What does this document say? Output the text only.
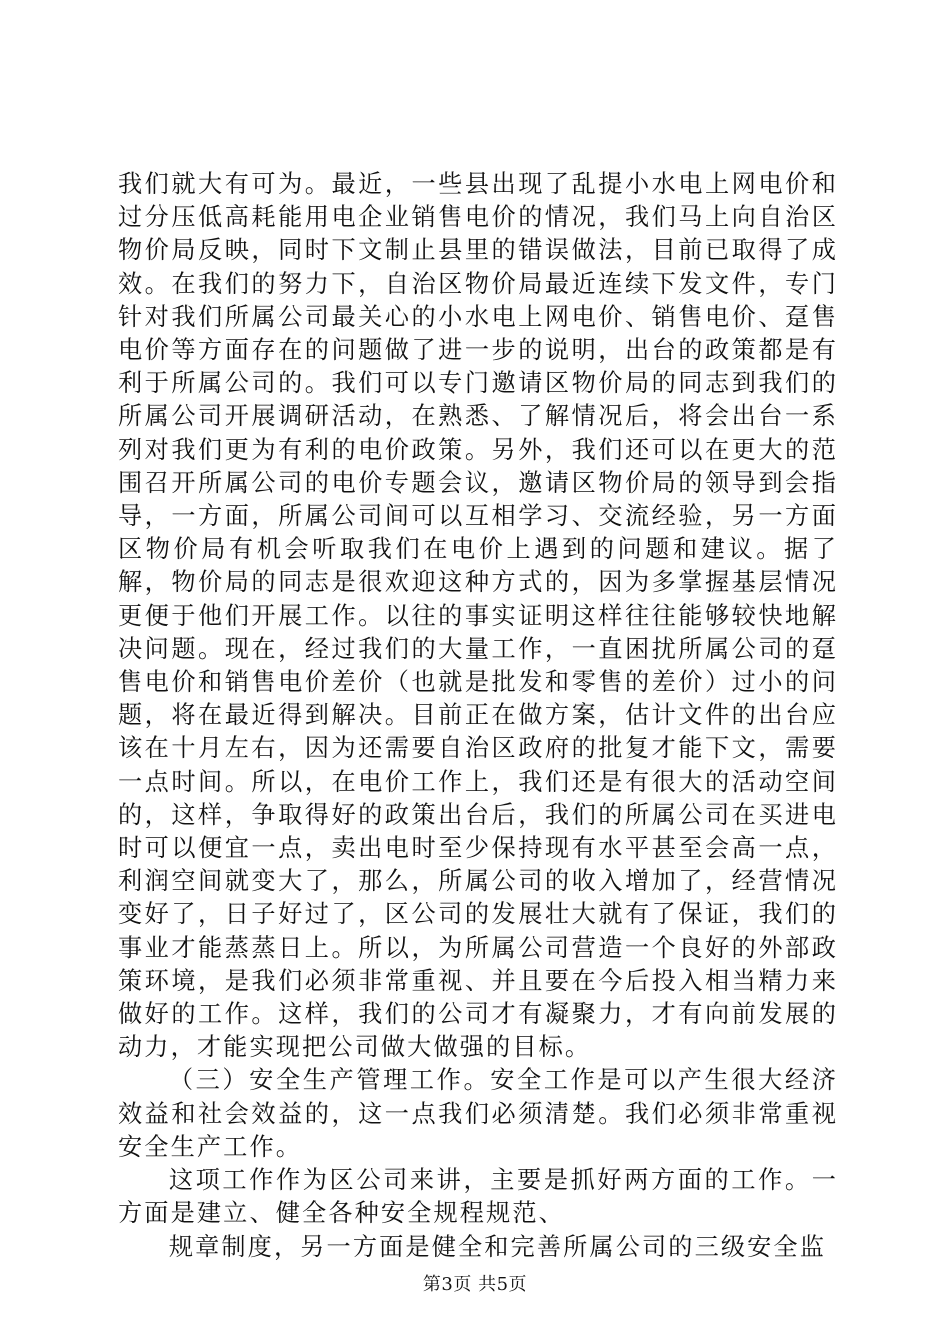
我们就大有可为。最近，一些县出现了乱提小水电上网电价和过分压低高耗能用电企业销售电价的情况，我们马上向自治区物价局反映，同时下文制止县里的错误做法，目前已取得了成效。在我们的努力下，自治区物价局最近连续下发文件，专门针对我们所属公司最关心的小水电上网电价、销售电价、趸售电价等方面存在的问题做了进一步的说明，出台的政策都是有利于所属公司的。我们可以专门邀请区物价局的同志到我们的所属公司开展调研活动，在熟悉、了解情况后，将会出台一系列对我们更为有利的电价政策。另外，我们还可以在更大的范围召开所属公司的电价专题会议，邀请区物价局的领导到会指导，一方面，所属公司间可以互相学习、交流经验，另一方面区物价局有机会听取我们在电价上遇到的问题和建议。据了解，物价局的同志是很欢迎这种方式的，因为多掌握基层情况更便于他们开展工作。以往的事实证明这样往往能够较快地解决问题。现在，经过我们的大量工作，一直困扰所属公司的趸售电价和销售电价差价（也就是批发和零售的差价）过小的问题，将在最近得到解决。目前正在做方案，估计文件的出台应该在十月左右，因为还需要自治区政府的批复才能下文，需要一点时间。所以，在电价工作上，我们还是有很大的活动空间的，这样，争取得好的政策出台后，我们的所属公司在买进电时可以便宜一点，卖出电时至少保持现有水平甚至会高一点，利润空间就变大了，那么，所属公司的收入增加了，经营情况变好了，日子好过了，区公司的发展壮大就有了保证，我们的事业才能蒸蒸日上。所以，为所属公司营造一个良好的外部政策环境，是我们必须非常重视、并且要在今后投入相当精力来做好的工作。这样，我们的公司才有凝聚力，才有向前发展的动力，才能实现把公司做大做强的目标。

（三）安全生产管理工作。安全工作是可以产生很大经济效益和社会效益的，这一点我们必须清楚。我们必须非常重视安全生产工作。

这项工作作为区公司来讲，主要是抓好两方面的工作。一方面是建立、健全各种安全规程规范、

规章制度，另一方面是健全和完善所属公司的三级安全监

第3页 共5页
